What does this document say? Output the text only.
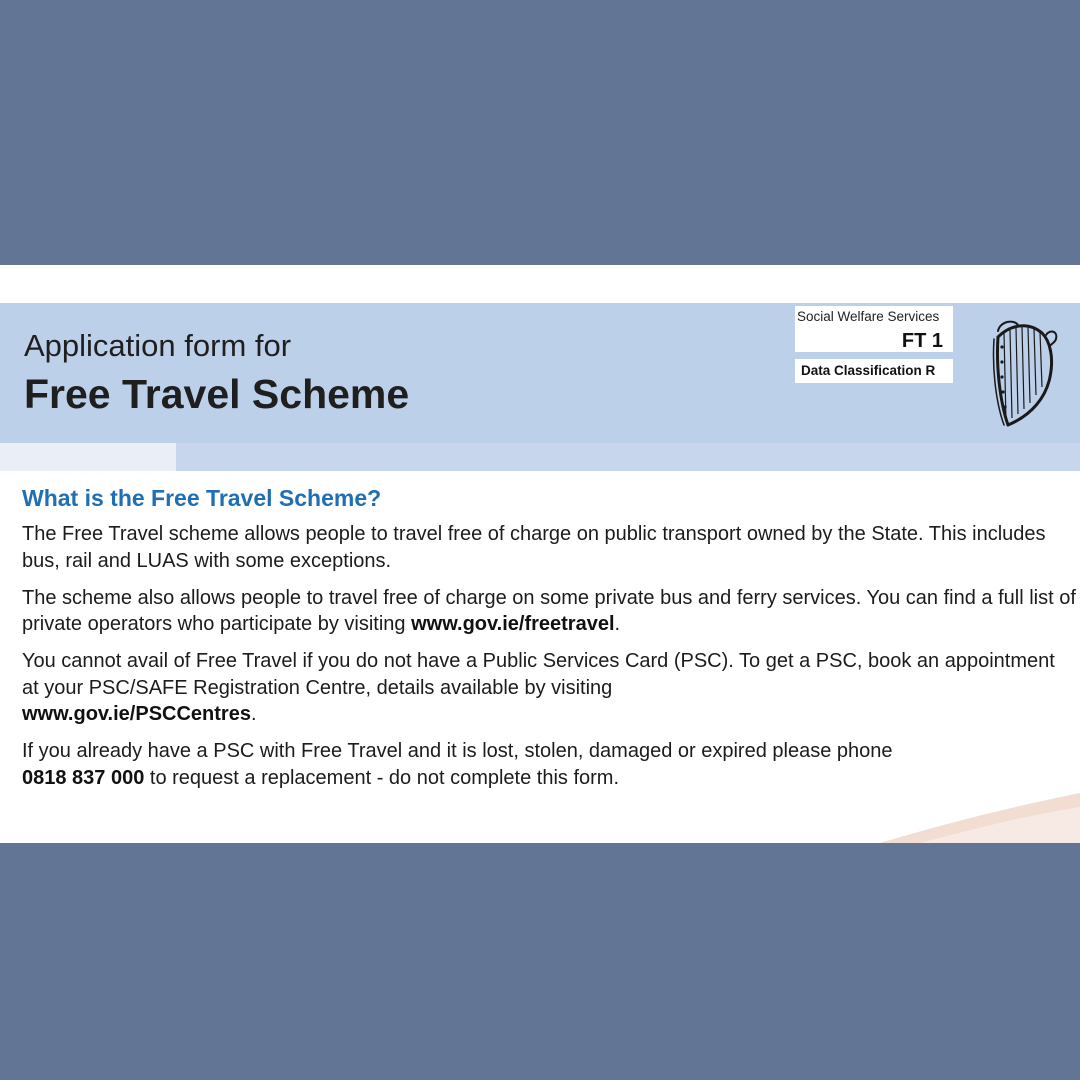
Application form for
Free Travel Scheme
Social Welfare Services
FT 1
Data Classification R
What is the Free Travel Scheme?

The Free Travel scheme allows people to travel free of charge on public transport owned by the State. This includes bus, rail and LUAS with some exceptions.

The scheme also allows people to travel free of charge on some private bus and ferry services. You can find a full list of private operators who participate by visiting www.gov.ie/freetravel.

You cannot avail of Free Travel if you do not have a Public Services Card (PSC). To get a PSC, book an appointment at your PSC/SAFE Registration Centre, details available by visiting
www.gov.ie/PSCCentres.

If you already have a PSC with Free Travel and it is lost, stolen, damaged or expired please phone
0818 837 000 to request a replacement - do not complete this form.
